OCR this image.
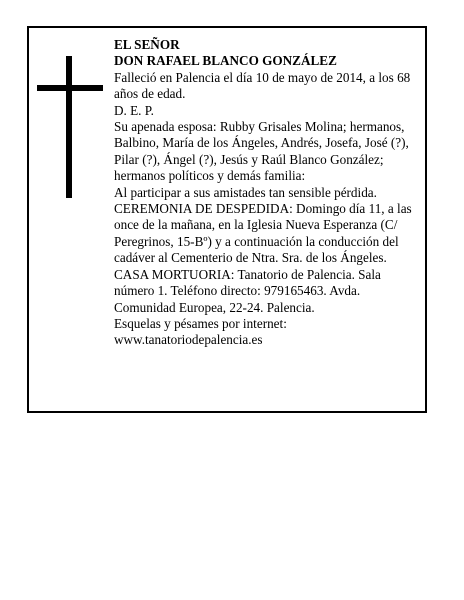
EL SEÑOR

DON RAFAEL BLANCO GONZÁLEZ

Falleció en Palencia el día 10 de mayo de 2014, a los 68 años de edad.

D. E. P.

Su apenada esposa: Rubby Grisales Molina; hermanos, Balbino, María de los Ángeles, Andrés, Josefa, José (?), Pilar (?), Ángel (?), Jesús y Raúl Blanco González; hermanos políticos y demás familia:

Al participar a sus amistades tan sensible pérdida.

CEREMONIA DE DESPEDIDA: Domingo día 11, a las once de la mañana, en la Iglesia Nueva Esperanza (C/ Peregrinos, 15-Bº) y a continuación la conducción del cadáver al Cementerio de Ntra. Sra. de los Ángeles.

CASA MORTUORIA: Tanatorio de Palencia. Sala número 1. Teléfono directo: 979165463. Avda. Comunidad Europea, 22-24. Palencia.

Esquelas y pésames por internet:

www.tanatoriodepalencia.es
